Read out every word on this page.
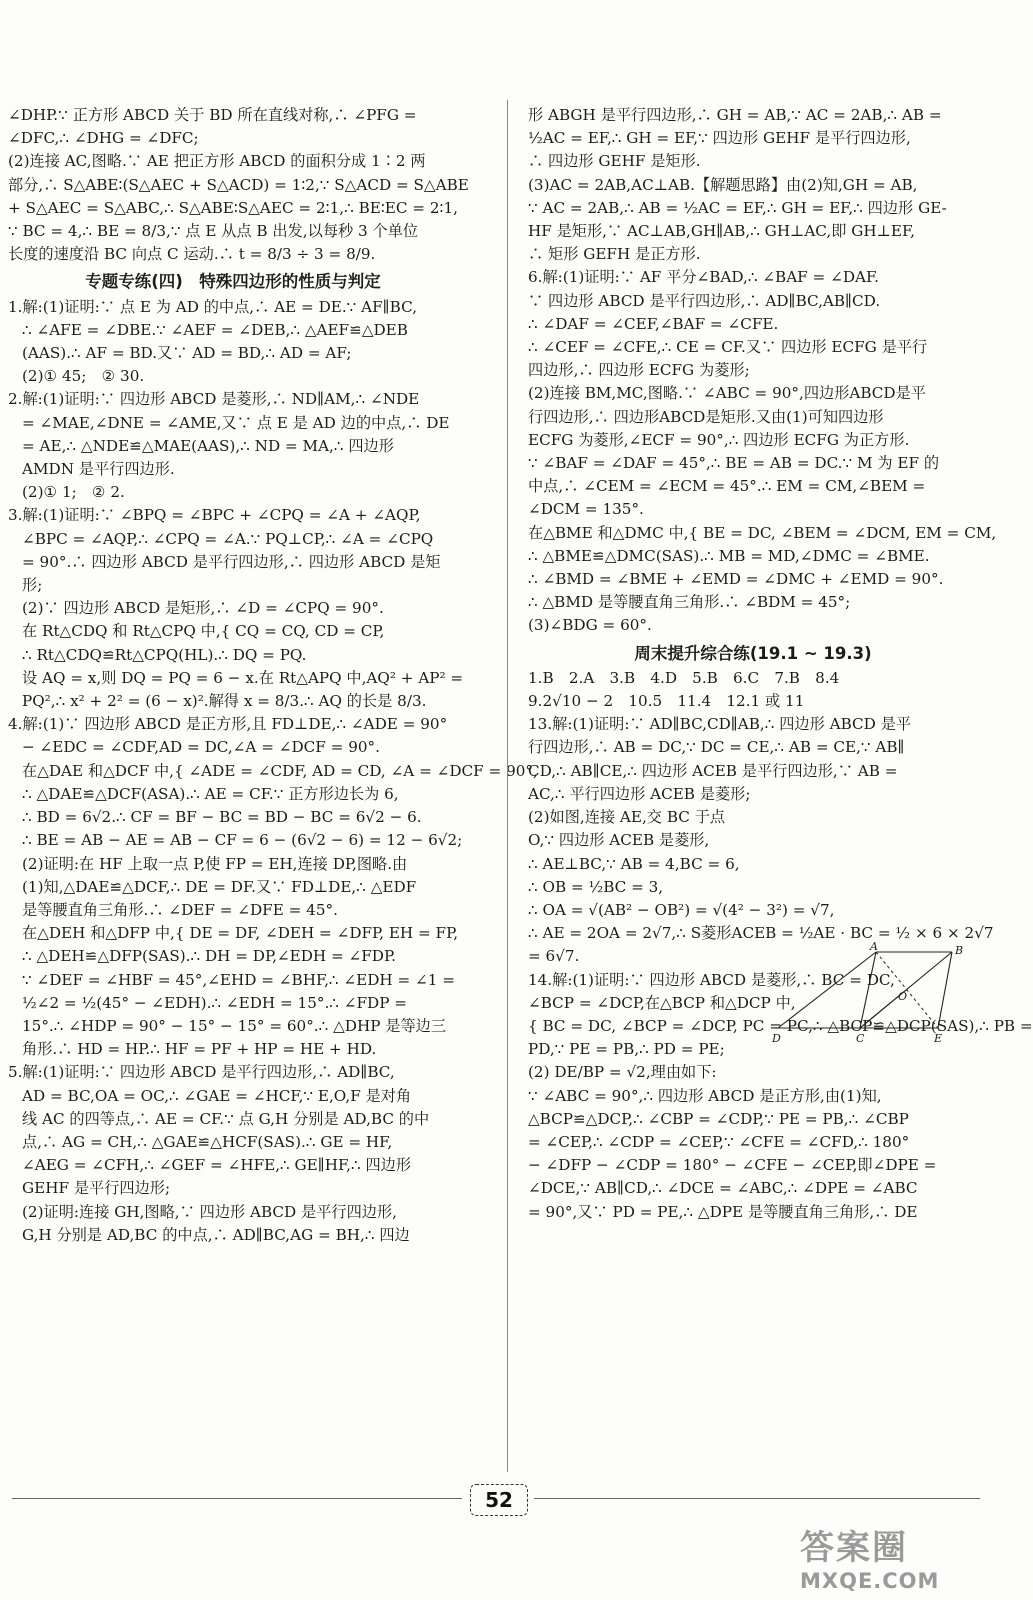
∠DHP.∵ 正方形 ABCD 关于 BD 所在直线对称,∴ ∠PFG =
∠DFC,∴ ∠DHG = ∠DFC;
(2)连接 AC,图略.∵ AE 把正方形 ABCD 的面积分成 1∶2 两
部分,∴ S△ABE∶(S△AEC + S△ACD) = 1∶2,∵ S△ACD = S△ABE
+ S△AEC = S△ABC,∴ S△ABE∶S△AEC = 2∶1,∴ BE∶EC = 2∶1,
∵ BC = 4,∴ BE = 8/3,∵ 点 E 从点 B 出发,以每秒 3 个单位
长度的速度沿 BC 向点 C 运动.∴ t = 8/3 ÷ 3 = 8/9.
专题专练(四)　特殊四边形的性质与判定
1.解:(1)证明:∵ 点 E 为 AD 的中点,∴ AE = DE.∵ AF∥BC,
∴ ∠AFE = ∠DBE.∵ ∠AEF = ∠DEB,∴ △AEF≌△DEB
(AAS).∴ AF = BD.又∵ AD = BD,∴ AD = AF;
(2)① 45;　② 30.
2.解:(1)证明:∵ 四边形 ABCD 是菱形,∴ ND∥AM,∴ ∠NDE
= ∠MAE,∠DNE = ∠AME,又∵ 点 E 是 AD 边的中点,∴ DE
= AE,∴ △NDE≌△MAE(AAS),∴ ND = MA,∴ 四边形
AMDN 是平行四边形.
(2)① 1;　② 2.
3.解:(1)证明:∵ ∠BPQ = ∠BPC + ∠CPQ = ∠A + ∠AQP,
∠BPC = ∠AQP,∴ ∠CPQ = ∠A.∵ PQ⊥CP,∴ ∠A = ∠CPQ
= 90°.∴ 四边形 ABCD 是平行四边形,∴ 四边形 ABCD 是矩
形;
(2)∵ 四边形 ABCD 是矩形,∴ ∠D = ∠CPQ = 90°.
在 Rt△CDQ 和 Rt△CPQ 中,{ CQ = CQ, CD = CP,
∴ Rt△CDQ≌Rt△CPQ(HL).∴ DQ = PQ.
设 AQ = x,则 DQ = PQ = 6 − x.在 Rt△APQ 中,AQ² + AP² =
PQ²,∴ x² + 2² = (6 − x)².解得 x = 8/3.∴ AQ 的长是 8/3.
4.解:(1)∵ 四边形 ABCD 是正方形,且 FD⊥DE,∴ ∠ADE = 90°
− ∠EDC = ∠CDF,AD = DC,∠A = ∠DCF = 90°.
在△DAE 和△DCF 中,{ ∠ADE = ∠CDF, AD = CD, ∠A = ∠DCF = 90°,
∴ △DAE≌△DCF(ASA).∴ AE = CF.∵ 正方形边长为 6,
∴ BD = 6√2.∴ CF = BF − BC = BD − BC = 6√2 − 6.
∴ BE = AB − AE = AB − CF = 6 − (6√2 − 6) = 12 − 6√2;
(2)证明:在 HF 上取一点 P,使 FP = EH,连接 DP,图略.由
(1)知,△DAE≌△DCF,∴ DE = DF.又∵ FD⊥DE,∴ △EDF
是等腰直角三角形.∴ ∠DEF = ∠DFE = 45°.
在△DEH 和△DFP 中,{ DE = DF, ∠DEH = ∠DFP, EH = FP,
∴ △DEH≌△DFP(SAS).∴ DH = DP,∠EDH = ∠FDP.
∵ ∠DEF = ∠HBF = 45°,∠EHD = ∠BHF,∴ ∠EDH = ∠1 =
½∠2 = ½(45° − ∠EDH).∴ ∠EDH = 15°.∴ ∠FDP =
15°.∴ ∠HDP = 90° − 15° − 15° = 60°.∴ △DHP 是等边三
角形.∴ HD = HP.∴ HF = PF + HP = HE + HD.
5.解:(1)证明:∵ 四边形 ABCD 是平行四边形,∴ AD∥BC,
AD = BC,OA = OC,∴ ∠GAE = ∠HCF,∵ E,O,F 是对角
线 AC 的四等点,∴ AE = CF.∵ 点 G,H 分别是 AD,BC 的中
点,∴ AG = CH,∴ △GAE≌△HCF(SAS).∴ GE = HF,
∠AEG = ∠CFH,∴ ∠GEF = ∠HFE,∴ GE∥HF,∴ 四边形
GEHF 是平行四边形;
(2)证明:连接 GH,图略,∵ 四边形 ABCD 是平行四边形,
G,H 分别是 AD,BC 的中点,∴ AD∥BC,AG = BH,∴ 四边
形 ABGH 是平行四边形,∴ GH = AB,∵ AC = 2AB,∴ AB =
½AC = EF,∴ GH = EF,∵ 四边形 GEHF 是平行四边形,
∴ 四边形 GEHF 是矩形.
(3)AC = 2AB,AC⊥AB.【解题思路】由(2)知,GH = AB,
∵ AC = 2AB,∴ AB = ½AC = EF,∴ GH = EF,∴ 四边形 GE-
HF 是矩形,∵ AC⊥AB,GH∥AB,∴ GH⊥AC,即 GH⊥EF,
∴ 矩形 GEFH 是正方形.
6.解:(1)证明:∵ AF 平分∠BAD,∴ ∠BAF = ∠DAF.
∵ 四边形 ABCD 是平行四边形,∴ AD∥BC,AB∥CD.
∴ ∠DAF = ∠CEF,∠BAF = ∠CFE.
∴ ∠CEF = ∠CFE,∴ CE = CF.又∵ 四边形 ECFG 是平行
四边形,∴ 四边形 ECFG 为菱形;
(2)连接 BM,MC,图略.∵ ∠ABC = 90°,四边形ABCD是平
行四边形,∴ 四边形ABCD是矩形.又由(1)可知四边形
ECFG 为菱形,∠ECF = 90°,∴ 四边形 ECFG 为正方形.
∵ ∠BAF = ∠DAF = 45°,∴ BE = AB = DC.∵ M 为 EF 的
中点,∴ ∠CEM = ∠ECM = 45°.∴ EM = CM,∠BEM =
∠DCM = 135°.
在△BME 和△DMC 中,{ BE = DC, ∠BEM = ∠DCM, EM = CM,
∴ △BME≌△DMC(SAS).∴ MB = MD,∠DMC = ∠BME.
∴ ∠BMD = ∠BME + ∠EMD = ∠DMC + ∠EMD = 90°.
∴ △BMD 是等腰直角三角形.∴ ∠BDM = 45°;
(3)∠BDG = 60°.
周末提升综合练(19.1 ~ 19.3)
1.B　2.A　3.B　4.D　5.B　6.C　7.B　8.4
9.2√10 − 2　10.5　11.4　12.1 或 11
13.解:(1)证明:∵ AD∥BC,CD∥AB,∴ 四边形 ABCD 是平
行四边形,∴ AB = DC,∵ DC = CE,∴ AB = CE,∵ AB∥
CD,∴ AB∥CE,∴ 四边形 ACEB 是平行四边形,∵ AB =
AC,∴ 平行四边形 ACEB 是菱形;
(2)如图,连接 AE,交 BC 于点
O,∵ 四边形 ACEB 是菱形,
∴ AE⊥BC,∵ AB = 4,BC = 6,
∴ OB = ½BC = 3,
∴ OA = √(AB² − OB²) = √(4² − 3²) = √7,
∴ AE = 2OA = 2√7,∴ S菱形ACEB = ½AE · BC = ½ × 6 × 2√7
= 6√7.
14.解:(1)证明:∵ 四边形 ABCD 是菱形,∴ BC = DC,
∠BCP = ∠DCP,在△BCP 和△DCP 中,
{ BC = DC, ∠BCP = ∠DCP, PC = PC,∴ △BCP≌△DCP(SAS),∴ PB =
PD,∵ PE = PB,∴ PD = PE;
(2) DE/BP = √2,理由如下:
∵ ∠ABC = 90°,∴ 四边形 ABCD 是正方形,由(1)知,
△BCP≌△DCP,∴ ∠CBP = ∠CDP,∵ PE = PB,∴ ∠CBP
= ∠CEP,∴ ∠CDP = ∠CEP,∵ ∠CFE = ∠CFD,∴ 180°
− ∠DFP − ∠CDP = 180° − ∠CFE − ∠CEP,即∠DPE =
∠DCE,∵ AB∥CD,∴ ∠DCE = ∠ABC,∴ ∠DPE = ∠ABC
= 90°,又∵ PD = PE,∴ △DPE 是等腰直角三角形,∴ DE
A	B
D	C	E
O
52
答案圈
MXQE.COM
